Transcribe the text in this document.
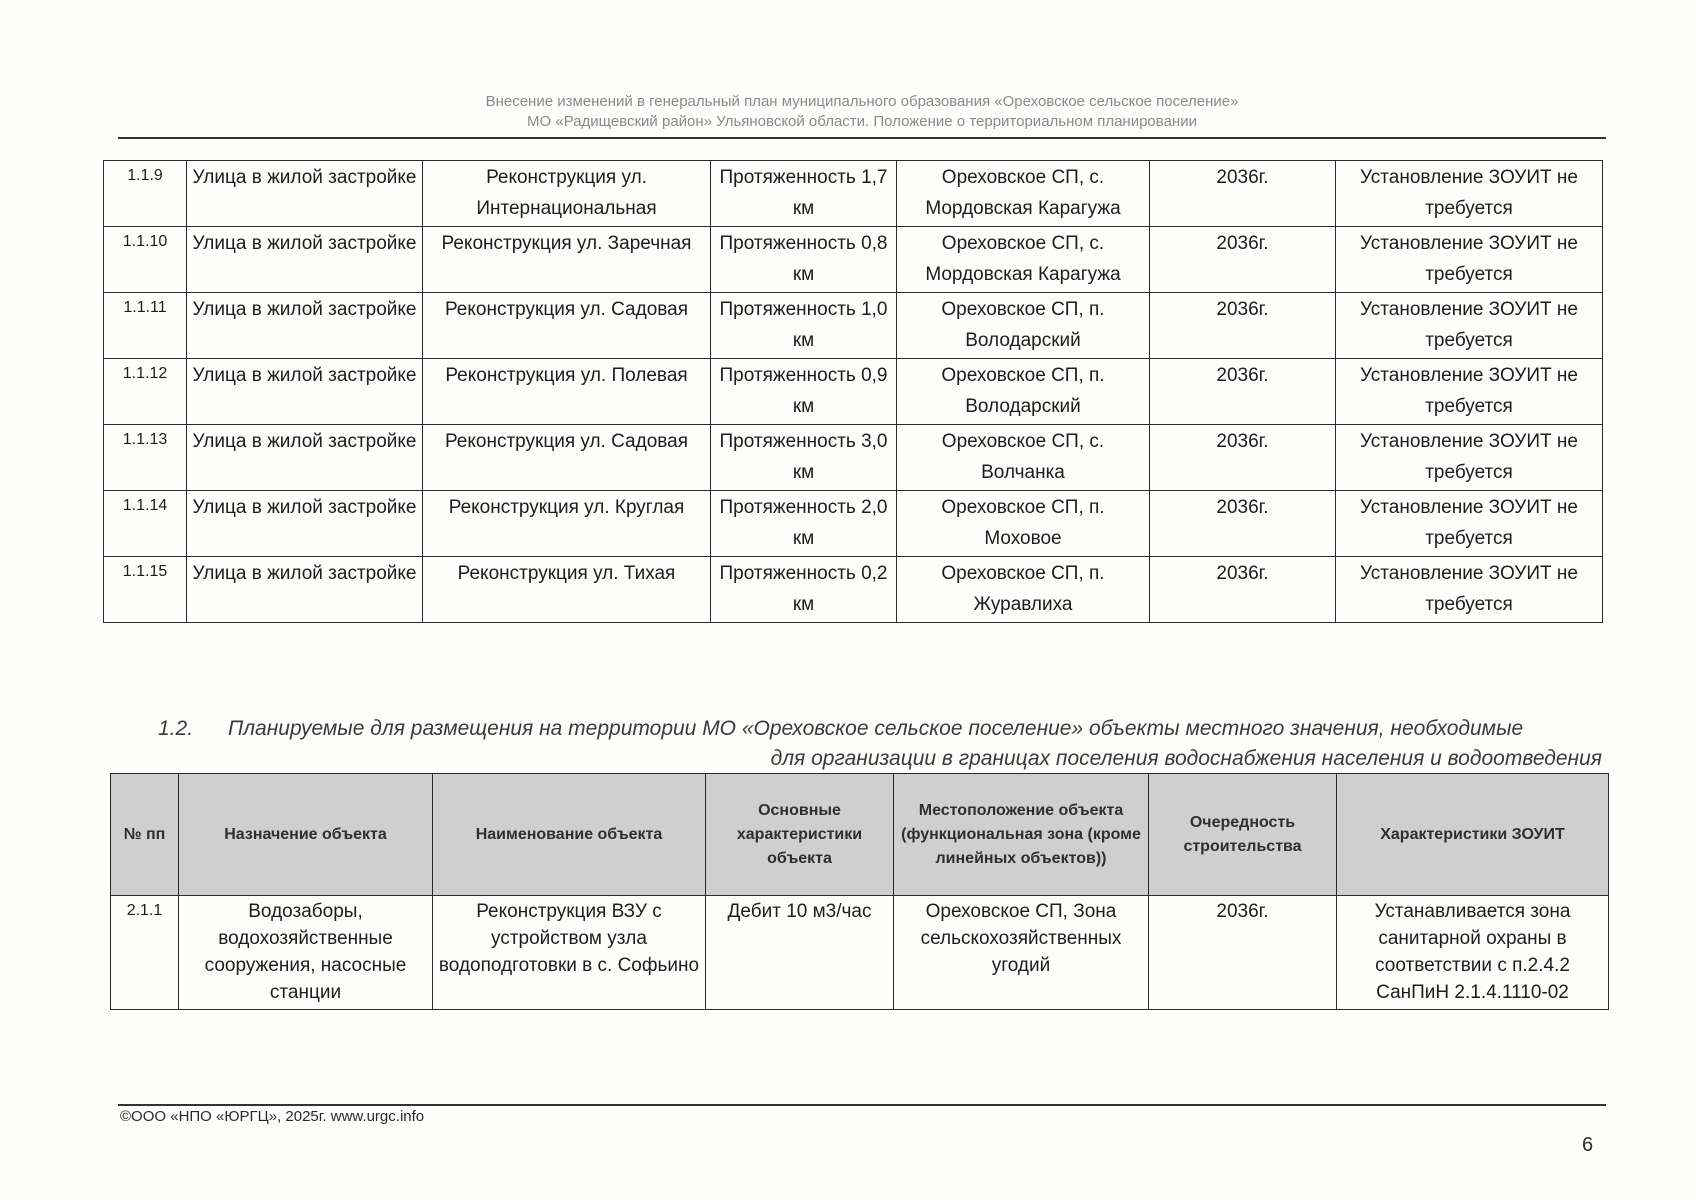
Внесение изменений в генеральный план муниципального образования «Ореховское сельское поселение»
МО «Радищевский район» Ульяновской области. Положение о территориальном планировании
1.1.9	Улица в жилой застройке	Реконструкция ул. Интернациональная	Протяженность 1,7 км	Ореховское СП, с. Мордовская Карагужа	2036г.	Установление ЗОУИТ не требуется
1.1.10	Улица в жилой застройке	Реконструкция ул. Заречная	Протяженность 0,8 км	Ореховское СП, с. Мордовская Карагужа	2036г.	Установление ЗОУИТ не требуется
1.1.11	Улица в жилой застройке	Реконструкция ул. Садовая	Протяженность 1,0 км	Ореховское СП, п. Володарский	2036г.	Установление ЗОУИТ не требуется
1.1.12	Улица в жилой застройке	Реконструкция ул. Полевая	Протяженность 0,9 км	Ореховское СП, п. Володарский	2036г.	Установление ЗОУИТ не требуется
1.1.13	Улица в жилой застройке	Реконструкция ул. Садовая	Протяженность 3,0 км	Ореховское СП, с. Волчанка	2036г.	Установление ЗОУИТ не требуется
1.1.14	Улица в жилой застройке	Реконструкция ул. Круглая	Протяженность 2,0 км	Ореховское СП, п. Моховое	2036г.	Установление ЗОУИТ не требуется
1.1.15	Улица в жилой застройке	Реконструкция ул. Тихая	Протяженность 0,2 км	Ореховское СП, п. Журавлиха	2036г.	Установление ЗОУИТ не требуется
1.2. Планируемые для размещения на территории МО «Ореховское сельское поселение» объекты местного значения, необходимые
для организации в границах поселения водоснабжения населения и водоотведения
№ пп	Назначение объекта	Наименование объекта	Основные характеристики объекта	Местоположение объекта (функциональная зона (кроме линейных объектов))	Очередность строительства	Характеристики ЗОУИТ
2.1.1	Водозаборы, водохозяйственные сооружения, насосные станции	Реконструкция ВЗУ с устройством узла водоподготовки в с. Софьино	Дебит 10 м3/час	Ореховское СП, Зона сельскохозяйственных угодий	2036г.	Устанавливается зона санитарной охраны в соответствии с п.2.4.2 СанПиН 2.1.4.1110-02
©ООО «НПО «ЮРГЦ», 2025г. www.urgc.info
6
